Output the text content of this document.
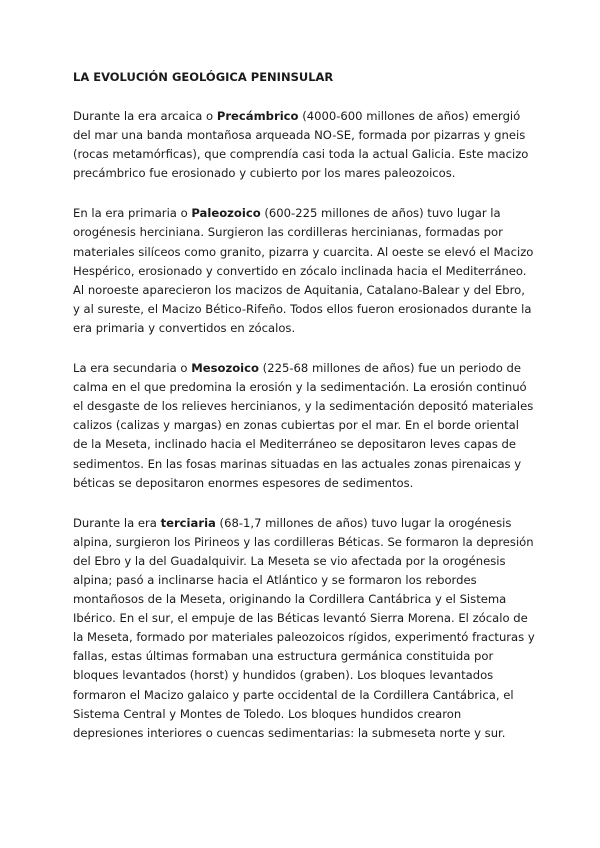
LA EVOLUCIÓN GEOLÓGICA PENINSULAR

Durante la era arcaica o Precámbrico (4000-600 millones de años) emergió del mar una banda montañosa arqueada NO-SE, formada por pizarras y gneis (rocas metamórficas), que comprendía casi toda la actual Galicia. Este macizo precámbrico fue erosionado y cubierto por los mares paleozoicos.

En la era primaria o Paleozoico (600-225 millones de años) tuvo lugar la orogénesis herciniana. Surgieron las cordilleras hercinianas, formadas por materiales silíceos como granito, pizarra y cuarcita. Al oeste se elevó el Macizo Hespérico, erosionado y convertido en zócalo inclinada hacia el Mediterráneo. Al noroeste aparecieron los macizos de Aquitania, Catalano-Balear y del Ebro, y al sureste, el Macizo Bético-Rifeño. Todos ellos fueron erosionados durante la era primaria y convertidos en zócalos.

La era secundaria o Mesozoico (225-68 millones de años) fue un periodo de calma en el que predomina la erosión y la sedimentación. La erosión continuó el desgaste de los relieves hercinianos, y la sedimentación depositó materiales calizos (calizas y margas) en zonas cubiertas por el mar. En el borde oriental de la Meseta, inclinado hacia el Mediterráneo se depositaron leves capas de sedimentos. En las fosas marinas situadas en las actuales zonas pirenaicas y béticas se depositaron enormes espesores de sedimentos.

Durante la era terciaria (68-1,7 millones de años) tuvo lugar la orogénesis alpina, surgieron los Pirineos y las cordilleras Béticas. Se formaron la depresión del Ebro y la del Guadalquivir. La Meseta se vio afectada por la orogénesis alpina; pasó a inclinarse hacia el Atlántico y se formaron los rebordes montañosos de la Meseta, originando la Cordillera Cantábrica y el Sistema Ibérico. En el sur, el empuje de las Béticas levantó Sierra Morena. El zócalo de la Meseta, formado por materiales paleozoicos rígidos, experimentó fracturas y fallas, estas últimas formaban una estructura germánica constituida por bloques levantados (horst) y hundidos (graben). Los bloques levantados formaron el Macizo galaico y parte occidental de la Cordillera Cantábrica, el Sistema Central y Montes de Toledo. Los bloques hundidos crearon depresiones interiores o cuencas sedimentarias: la submeseta norte y sur.
